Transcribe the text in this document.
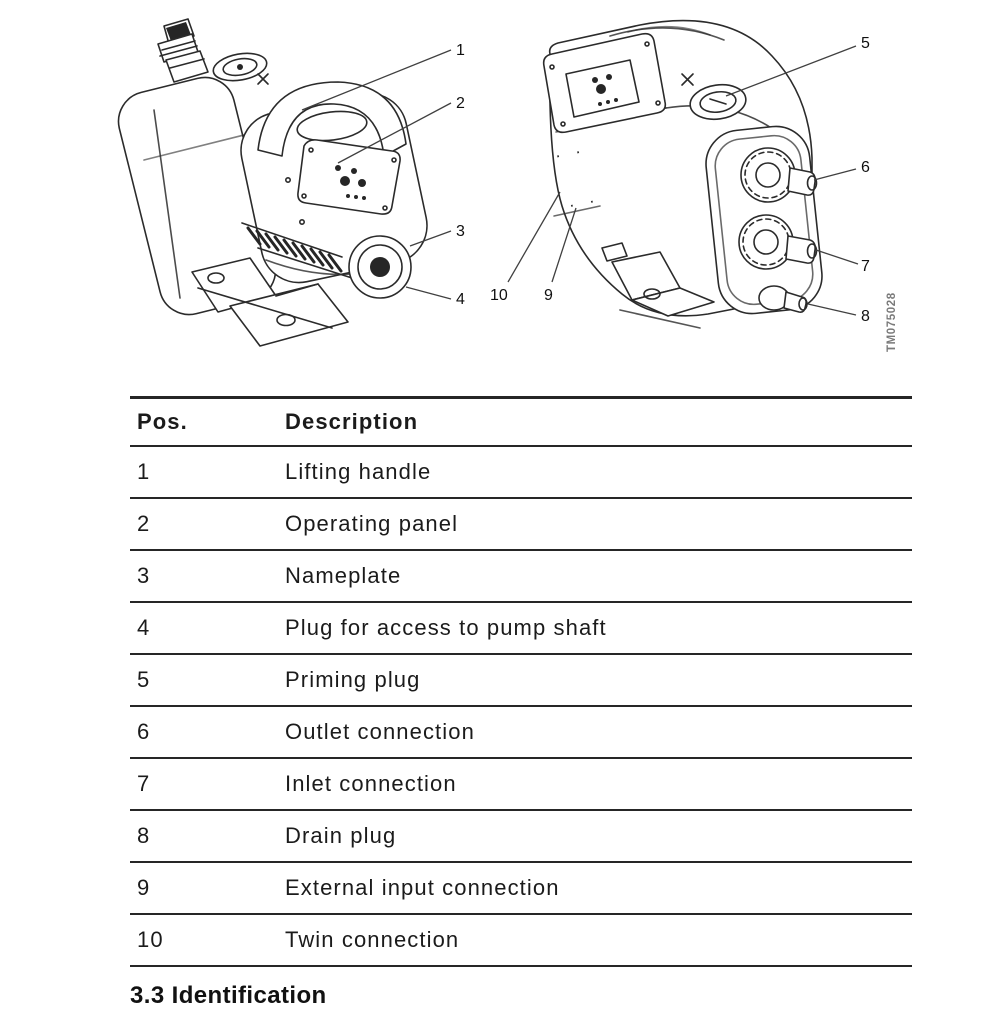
1
2
3
4
5
6
7
8
9
10	TM075028
Pos.	Description
1	Lifting handle
2	Operating panel
3	Nameplate
4	Plug for access to pump shaft
5	Priming plug
6	Outlet connection
7	Inlet connection
8	Drain plug
9	External input connection
10	Twin connection
3.3 Identification
